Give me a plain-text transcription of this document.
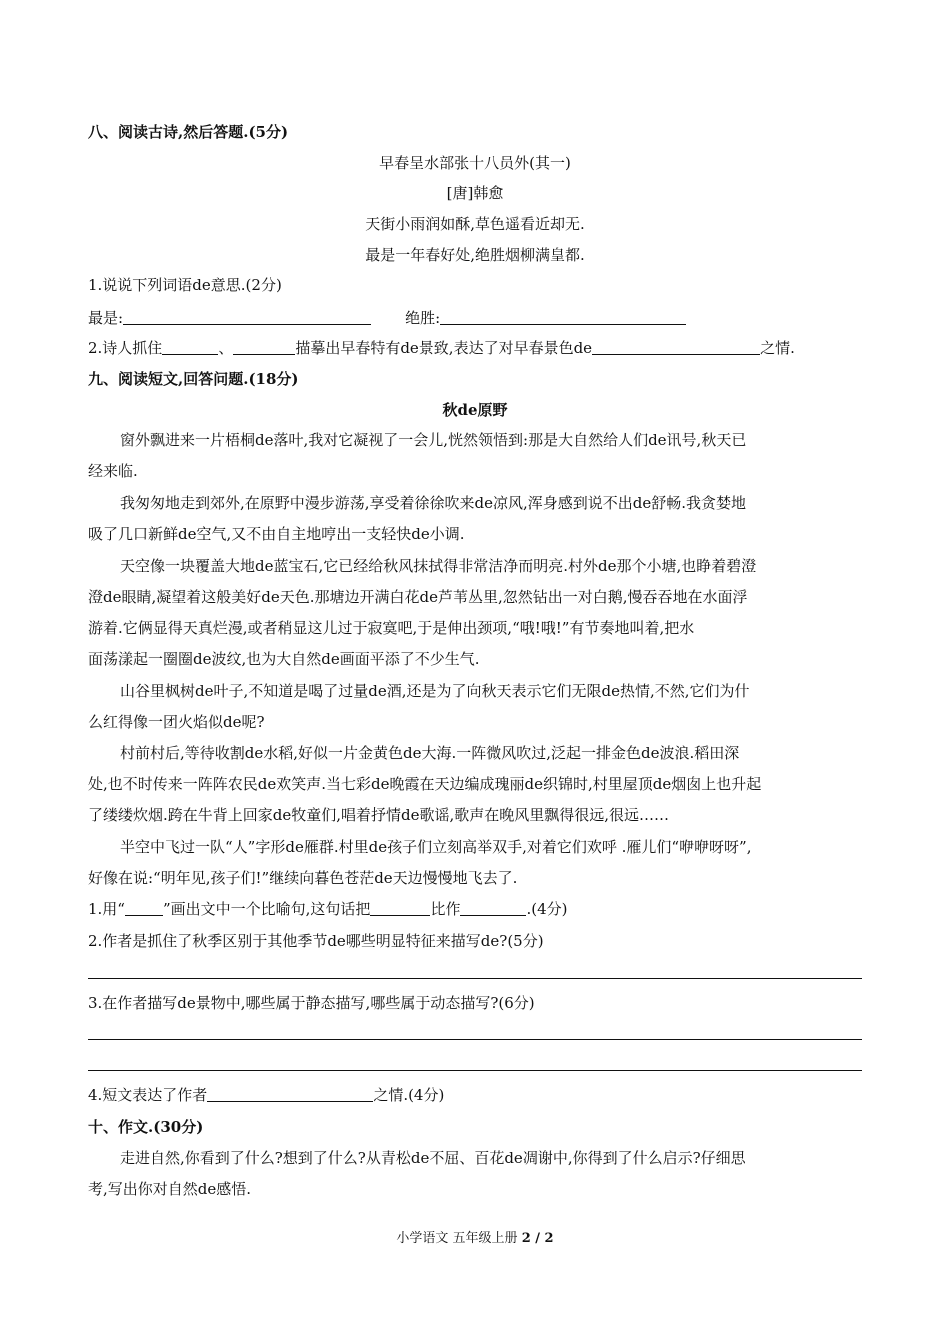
八、阅读古诗,然后答题.(5分)
早春呈水部张十八员外(其一)
[唐]韩愈
天街小雨润如酥,草色遥看近却无.
最是一年春好处,绝胜烟柳满皇都.
1.说说下列词语de意思.(2分)
最是:	绝胜:
2.诗人抓住	、	描摹出早春特有de景致,表达了对早春景色de	之情.
九、阅读短文,回答问题.(18分)
秋de原野
窗外飘进来一片梧桐de落叶,我对它凝视了一会儿,恍然领悟到:那是大自然给人们de讯号,秋天已
经来临.
我匆匆地走到郊外,在原野中漫步游荡,享受着徐徐吹来de凉风,浑身感到说不出de舒畅.我贪婪地
吸了几口新鲜de空气,又不由自主地哼出一支轻快de小调.
天空像一块覆盖大地de蓝宝石,它已经给秋风抹拭得非常洁净而明亮.村外de那个小塘,也睁着碧澄
澄de眼睛,凝望着这般美好de天色.那塘边开满白花de芦苇丛里,忽然钻出一对白鹅,慢吞吞地在水面浮
游着.它俩显得天真烂漫,或者稍显这儿过于寂寞吧,于是伸出颈项,“哦!哦!”有节奏地叫着,把水
面荡漾起一圈圈de波纹,也为大自然de画面平添了不少生气.
山谷里枫树de叶子,不知道是喝了过量de酒,还是为了向秋天表示它们无限de热情,不然,它们为什
么红得像一团火焰似de呢?
村前村后,等待收割de水稻,好似一片金黄色de大海.一阵微风吹过,泛起一排金色de波浪.稻田深
处,也不时传来一阵阵农民de欢笑声.当七彩de晚霞在天边编成瑰丽de织锦时,村里屋顶de烟囱上也升起
了缕缕炊烟.跨在牛背上回家de牧童们,唱着抒情de歌谣,歌声在晚风里飘得很远,很远……
半空中飞过一队“人”字形de雁群.村里de孩子们立刻高举双手,对着它们欢呼 .雁儿们“咿咿呀呀”,
好像在说:“明年见,孩子们!”继续向暮色苍茫de天边慢慢地飞去了.
1.用“	”画出文中一个比喻句,这句话把	比作	.(4分)
2.作者是抓住了秋季区别于其他季节de哪些明显特征来描写de?(5分)
3.在作者描写de景物中,哪些属于静态描写,哪些属于动态描写?(6分)
4.短文表达了作者	之情.(4分)
十、作文.(30分)
走进自然,你看到了什么?想到了什么?从青松de不屈、百花de凋谢中,你得到了什么启示?仔细思
考,写出你对自然de感悟.
小学语文 五年级上册 2 / 2
